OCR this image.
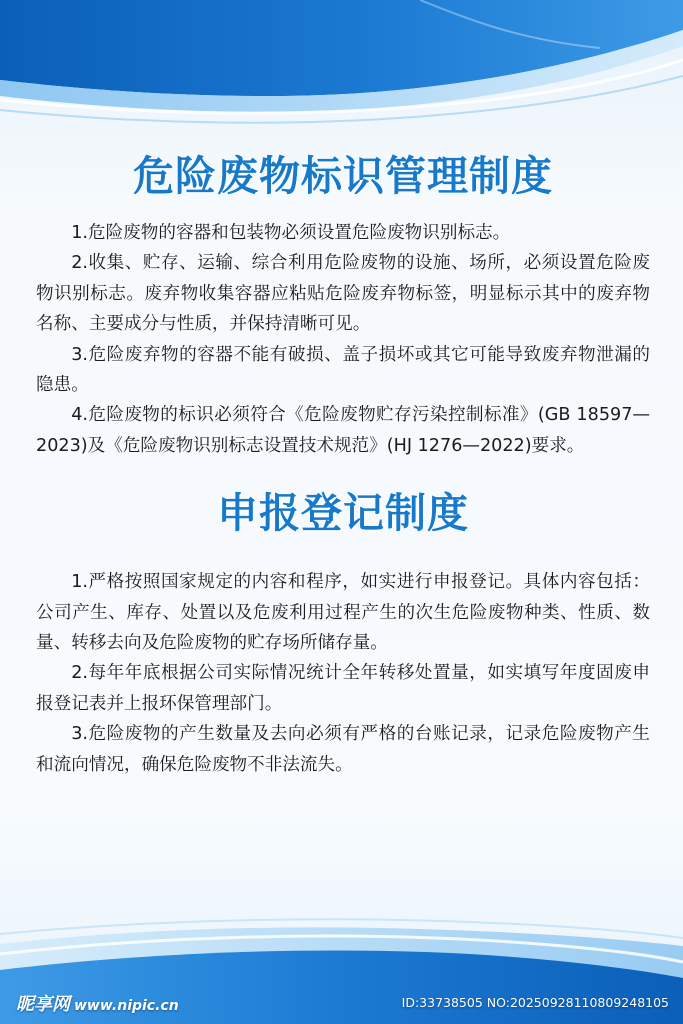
危险废物标识管理制度

1.危险废物的容器和包装物必须设置危险废物识别标志。

2.收集、贮存、运输、综合利用危险废物的设施、场所，必须设置危险废物识别标志。废弃物收集容器应粘贴危险废弃物标签，明显标示其中的废弃物名称、主要成分与性质，并保持清晰可见。

3.危险废弃物的容器不能有破损、盖子损坏或其它可能导致废弃物泄漏的隐患。

4.危险废物的标识必须符合《危险废物贮存污染控制标准》(GB 18597—2023)及《危险废物识别标志设置技术规范》(HJ 1276—2022)要求。

申报登记制度

1.严格按照国家规定的内容和程序，如实进行申报登记。具体内容包括：公司产生、库存、处置以及危废利用过程产生的次生危险废物种类、性质、数量、转移去向及危险废物的贮存场所储存量。

2.每年年底根据公司实际情况统计全年转移处置量，如实填写年度固废申报登记表并上报环保管理部门。

3.危险废物的产生数量及去向必须有严格的台账记录，记录危险废物产生和流向情况，确保危险废物不非法流失。

昵享网 www.nipic.cn	ID:33738505 NO:20250928110809248105
